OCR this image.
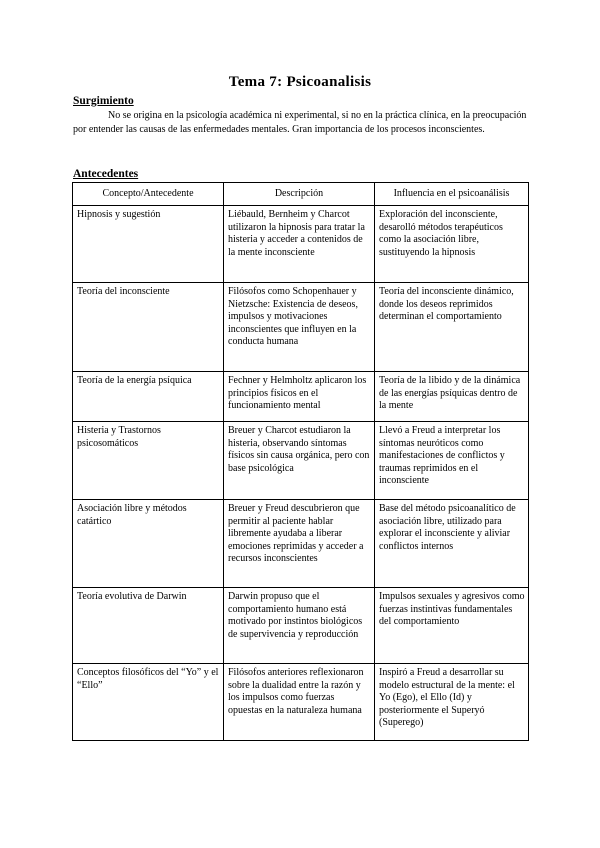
Tema 7: Psicoanalisis
Surgimiento
No se origina en la psicología académica ni experimental, si no en la práctica clínica, en la preocupación por entender las causas de las enfermedades mentales. Gran importancia de los procesos inconscientes.
Antecedentes
Concepto/Antecedente	Descripción	Influencia en el psicoanálisis
Hipnosis y sugestión	Liébauld, Bernheim y Charcot utilizaron la hipnosis para tratar la histeria y acceder a contenidos de la mente inconsciente	Exploración del inconsciente, desarolló métodos terapéuticos como la asociación libre, sustituyendo la hipnosis
Teoría del inconsciente	Filósofos como Schopenhauer y Nietzsche: Existencia de deseos, impulsos y motivaciones inconscientes que influyen en la conducta humana	Teoría del inconsciente dinámico, donde los deseos reprimidos determinan el comportamiento
Teoría de la energía psíquica	Fechner y Helmholtz aplicaron los principios físicos en el funcionamiento mental	Teoría de la libido y de la dinámica de las energías psíquicas dentro de la mente
Histeria y Trastornos psicosomáticos	Breuer y Charcot estudiaron la histeria, observando síntomas físicos sin causa orgánica, pero con base psicológica	Llevó a Freud a interpretar los síntomas neuróticos como manifestaciones de conflictos y traumas reprimidos en el inconsciente
Asociación libre y métodos catártico	Breuer y Freud descubrieron que permitir al paciente hablar libremente ayudaba a liberar emociones reprimidas y acceder a recursos inconscientes	Base del método psicoanalítico de asociación libre, utilizado para explorar el inconsciente y aliviar conflictos internos
Teoría evolutiva de Darwin	Darwin propuso que el comportamiento humano está motivado por instintos biológicos de supervivencia y reproducción	Impulsos sexuales y agresivos como fuerzas instintivas fundamentales del comportamiento
Conceptos filosóficos del “Yo” y el “Ello”	Filósofos anteriores reflexionaron sobre la dualidad entre la razón y los impulsos como fuerzas opuestas en la naturaleza humana	Inspiró a Freud a desarrollar su modelo estructural de la mente: el Yo (Ego), el Ello (Id) y posteriormente el Superyó (Superego)
